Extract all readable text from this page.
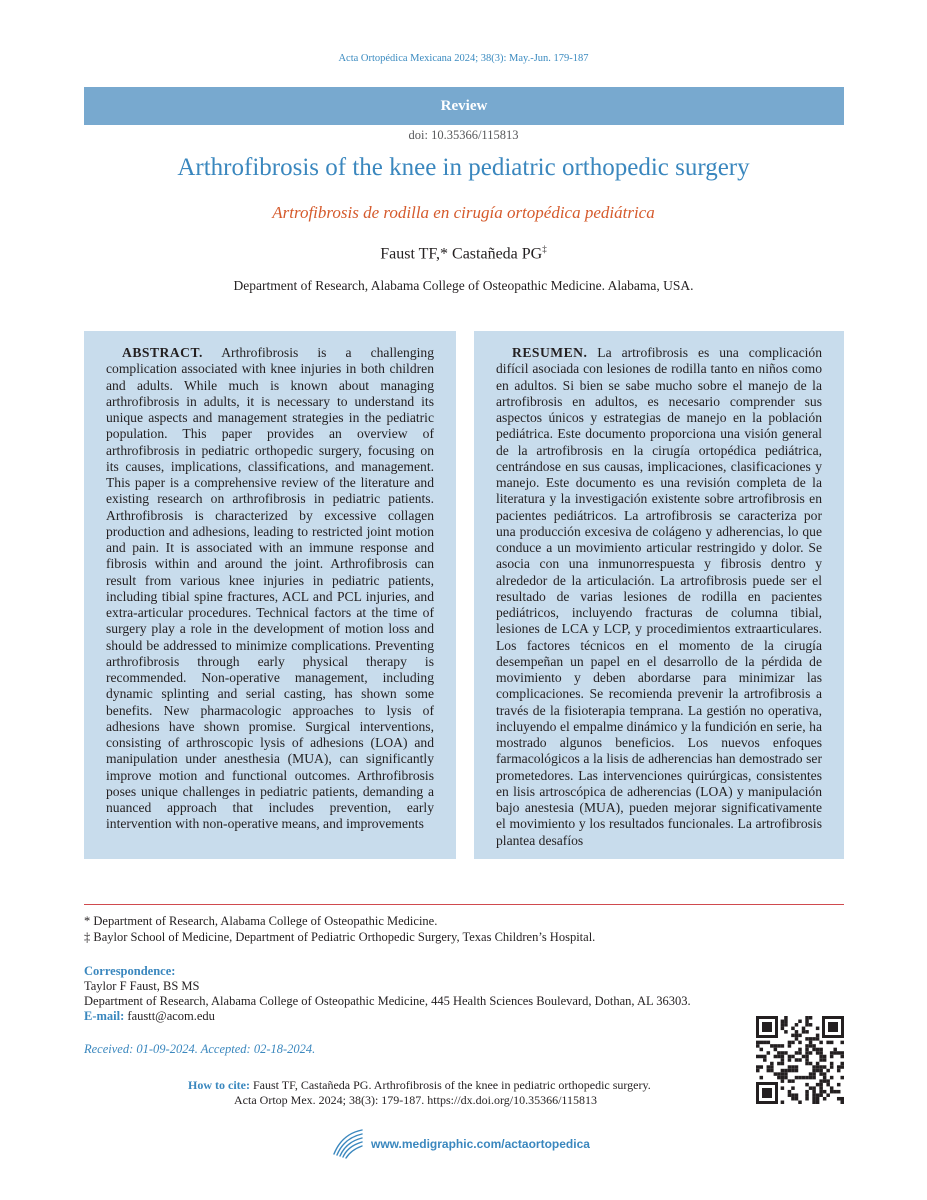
Acta Ortopédica Mexicana 2024; 38(3): May.-Jun. 179-187
Review
doi: 10.35366/115813
Arthrofibrosis of the knee in pediatric orthopedic surgery
Artrofibrosis de rodilla en cirugía ortopédica pediátrica
Faust TF,* Castañeda PG‡
Department of Research, Alabama College of Osteopathic Medicine. Alabama, USA.

ABSTRACT. Arthrofibrosis is a challenging complication associated with knee injuries in both children and adults. While much is known about managing arthrofibrosis in adults, it is necessary to understand its unique aspects and management strategies in the pediatric population. This paper provides an overview of arthrofibrosis in pediatric orthopedic surgery, focusing on its causes, implications, classifications, and management. This paper is a comprehensive review of the literature and existing research on arthrofibrosis in pediatric patients. Arthrofibrosis is characterized by excessive collagen production and adhesions, leading to restricted joint motion and pain. It is associated with an immune response and fibrosis within and around the joint. Arthrofibrosis can result from various knee injuries in pediatric patients, including tibial spine fractures, ACL and PCL injuries, and extra-articular procedures. Technical factors at the time of surgery play a role in the development of motion loss and should be addressed to minimize complications. Preventing arthrofibrosis through early physical therapy is recommended. Non-operative management, including dynamic splinting and serial casting, has shown some benefits. New pharmacologic approaches to lysis of adhesions have shown promise. Surgical interventions, consisting of arthroscopic lysis of adhesions (LOA) and manipulation under anesthesia (MUA), can significantly improve motion and functional outcomes. Arthrofibrosis poses unique challenges in pediatric patients, demanding a nuanced approach that includes prevention, early intervention with non-operative means, and improvements

RESUMEN. La artrofibrosis es una complicación difícil asociada con lesiones de rodilla tanto en niños como en adultos. Si bien se sabe mucho sobre el manejo de la artrofibrosis en adultos, es necesario comprender sus aspectos únicos y estrategias de manejo en la población pediátrica. Este documento proporciona una visión general de la artrofibrosis en la cirugía ortopédica pediátrica, centrándose en sus causas, implicaciones, clasificaciones y manejo. Este documento es una revisión completa de la literatura y la investigación existente sobre artrofibrosis en pacientes pediátricos. La artrofibrosis se caracteriza por una producción excesiva de colágeno y adherencias, lo que conduce a un movimiento articular restringido y dolor. Se asocia con una inmunorrespuesta y fibrosis dentro y alrededor de la articulación. La artrofibrosis puede ser el resultado de varias lesiones de rodilla en pacientes pediátricos, incluyendo fracturas de columna tibial, lesiones de LCA y LCP, y procedimientos extraarticulares. Los factores técnicos en el momento de la cirugía desempeñan un papel en el desarrollo de la pérdida de movimiento y deben abordarse para minimizar las complicaciones. Se recomienda prevenir la artrofibrosis a través de la fisioterapia temprana. La gestión no operativa, incluyendo el empalme dinámico y la fundición en serie, ha mostrado algunos beneficios. Los nuevos enfoques farmacológicos a la lisis de adherencias han demostrado ser prometedores. Las intervenciones quirúrgicas, consistentes en lisis artroscópica de adherencias (LOA) y manipulación bajo anestesia (MUA), pueden mejorar significativamente el movimiento y los resultados funcionales. La artrofibrosis plantea desafíos

* Department of Research, Alabama College of Osteopathic Medicine.
‡ Baylor School of Medicine, Department of Pediatric Orthopedic Surgery, Texas Children’s Hospital.
Correspondence:
Taylor F Faust, BS MS
Department of Research, Alabama College of Osteopathic Medicine, 445 Health Sciences Boulevard, Dothan, AL 36303.
E-mail: faustt@acom.edu
Received: 01-09-2024. Accepted: 02-18-2024.
How to cite: Faust TF, Castañeda PG. Arthrofibrosis of the knee in pediatric orthopedic surgery.
Acta Ortop Mex. 2024; 38(3): 179-187. https://dx.doi.org/10.35366/115813
www.medigraphic.com/actaortopedica
